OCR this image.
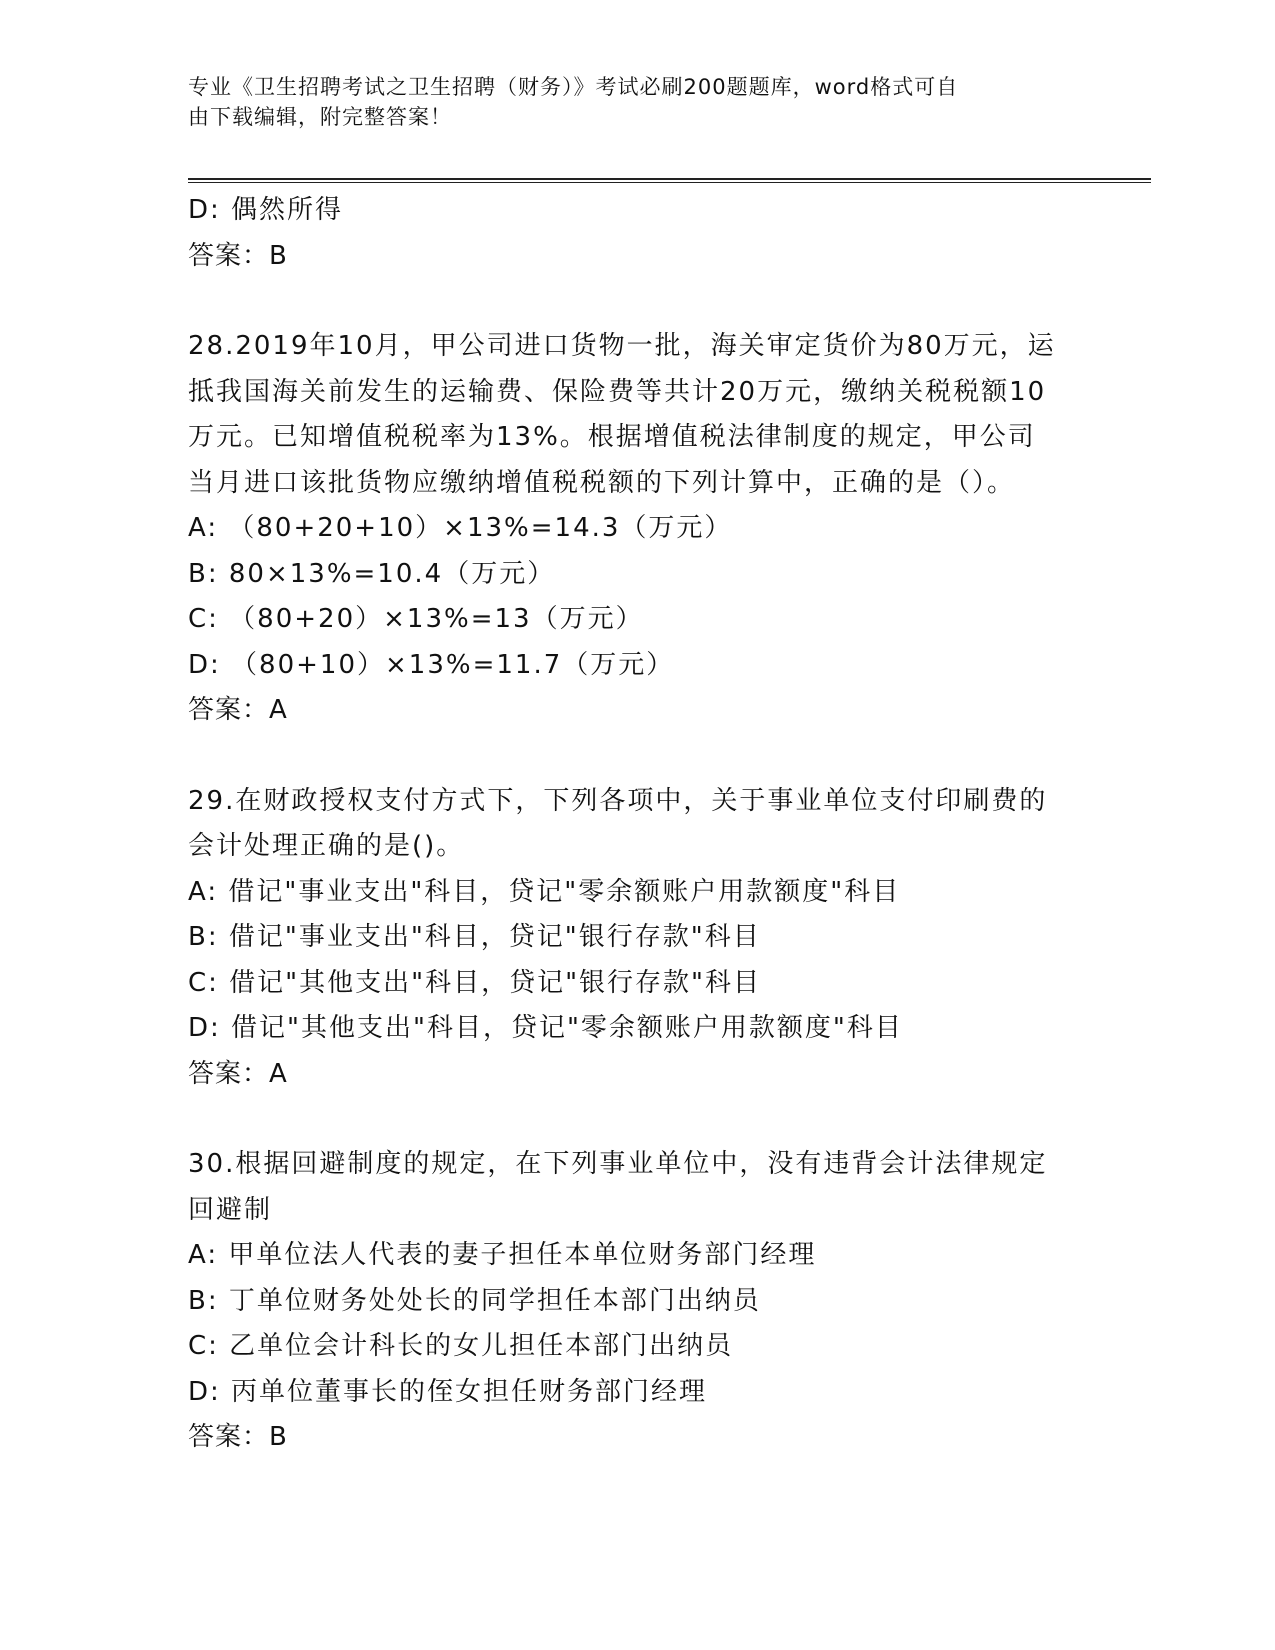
专业《卫生招聘考试之卫生招聘（财务）》考试必刷200题题库，word格式可自
由下载编辑，附完整答案！
D: 偶然所得
答案：B
28.2019年10月，甲公司进口货物一批，海关审定货价为80万元，运
抵我国海关前发生的运输费、保险费等共计20万元，缴纳关税税额10
万元。已知增值税税率为13%。根据增值税法律制度的规定，甲公司
当月进口该批货物应缴纳增值税税额的下列计算中，正确的是（）。
A: （80+20+10）×13%=14.3（万元）
B: 80×13%=10.4（万元）
C: （80+20）×13%=13（万元）
D: （80+10）×13%=11.7（万元）
答案：A
29.在财政授权支付方式下，下列各项中，关于事业单位支付印刷费的
会计处理正确的是()。
A: 借记"事业支出"科目，贷记"零余额账户用款额度"科目
B: 借记"事业支出"科目，贷记"银行存款"科目
C: 借记"其他支出"科目，贷记"银行存款"科目
D: 借记"其他支出"科目，贷记"零余额账户用款额度"科目
答案：A
30.根据回避制度的规定，在下列事业单位中，没有违背会计法律规定
回避制
A: 甲单位法人代表的妻子担任本单位财务部门经理
B: 丁单位财务处处长的同学担任本部门出纳员
C: 乙单位会计科长的女儿担任本部门出纳员
D: 丙单位董事长的侄女担任财务部门经理
答案：B
